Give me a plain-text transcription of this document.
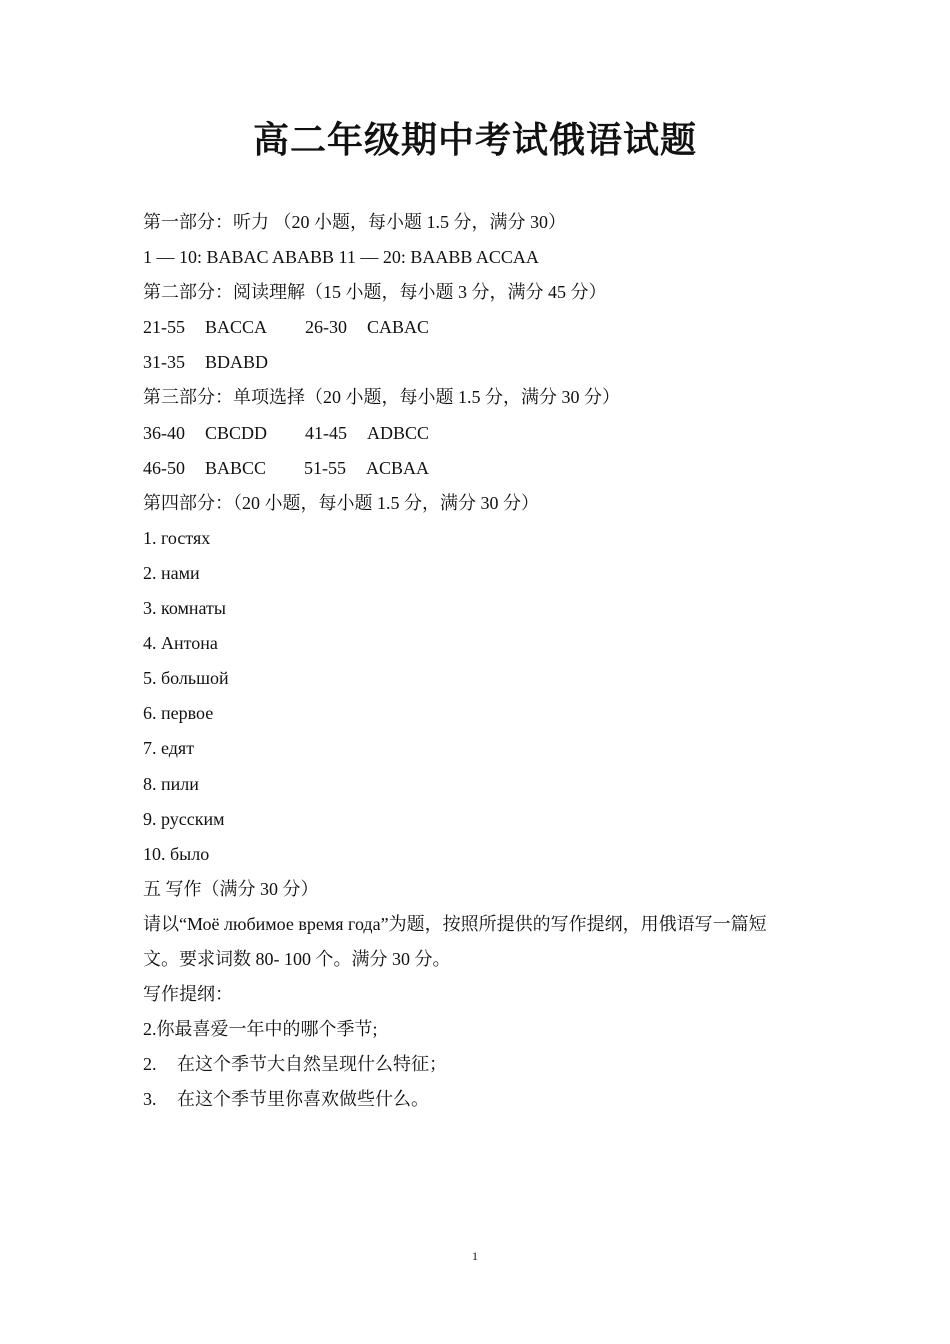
高二年级期中考试俄语试题
第一部分：听力 （20 小题，每小题 1.5 分，满分 30）
1 — 10: BABAC ABABB 11 — 20: BAABB ACCAA
第二部分：阅读理解（15 小题，每小题 3 分，满分 45 分）
21-55 BACCA 26-30 CABAC
31-35 BDABD
第三部分：单项选择（20 小题，每小题 1.5 分，满分 30 分）
36-40 CBCDD 41-45 ADBCC
46-50 BABCC 51-55 ACBAA
第四部分：（20 小题，每小题 1.5 分，满分 30 分）
1. гостях
2. нами
3. комнаты
4. Антона
5. большой
6. первое
7. едят
8. пили
9. русским
10. было
五 写作（满分 30 分）
请以“Моё любимое время года”为题，按照所提供的写作提纲，用俄语写一篇短
文。要求词数 80- 100 个。满分 30 分。
写作提纲：
2.你最喜爱一年中的哪个季节;
2. 在这个季节大自然呈现什么特征；
3. 在这个季节里你喜欢做些什么。
1
